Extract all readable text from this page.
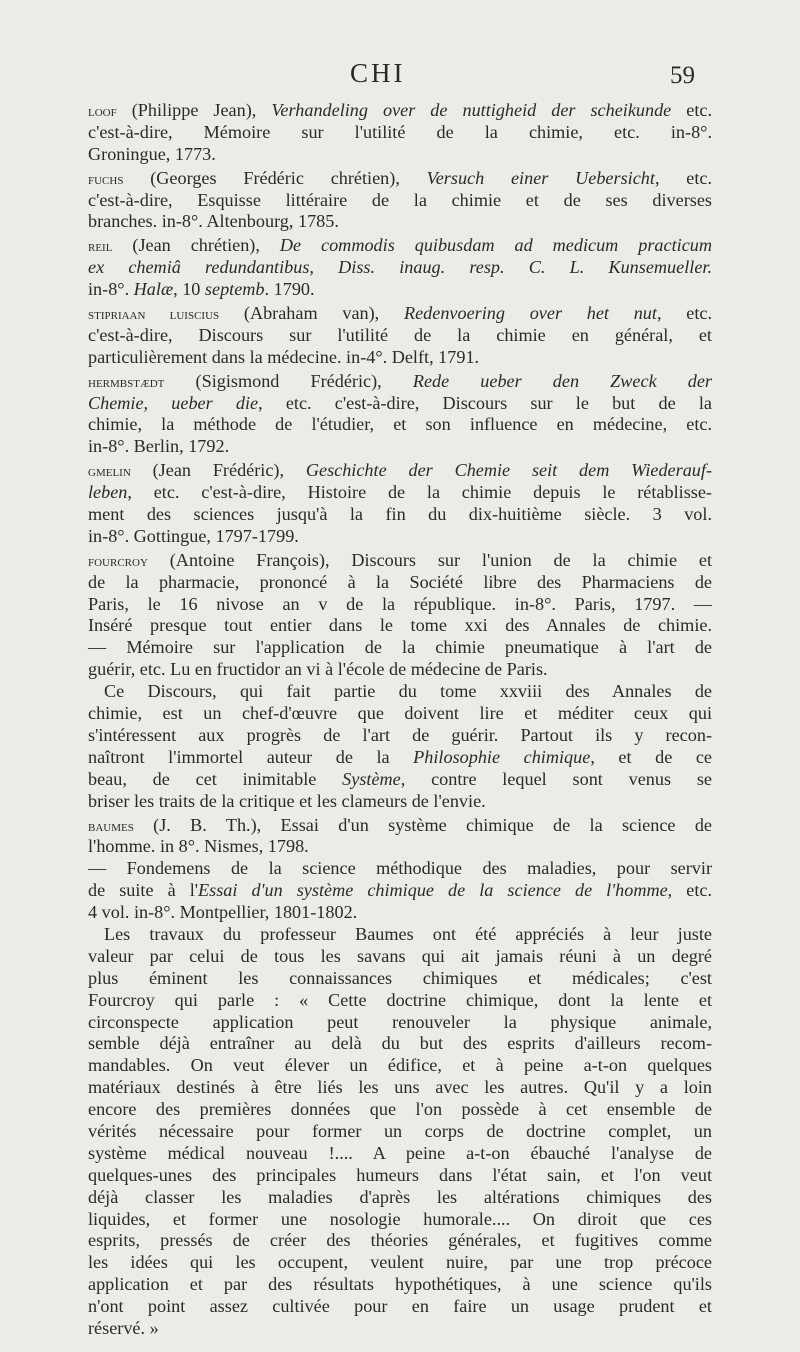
CHI	59
loof (Philippe Jean), Verhandeling over de nuttigheid der scheikunde etc.
c'est-à-dire, Mémoire sur l'utilité de la chimie, etc. in-8°.
Groningue, 1773.
fuchs (Georges Frédéric chrétien), Versuch einer Uebersicht, etc.
c'est-à-dire, Esquisse littéraire de la chimie et de ses diverses
branches. in-8°. Altenbourg, 1785.
reil (Jean chrétien), De commodis quibusdam ad medicum practicum
ex chemiâ redundantibus, Diss. inaug. resp. C. L. Kunsemueller.
in-8°. Halæ, 10 septemb. 1790.
stipriaan luiscius (Abraham van), Redenvoering over het nut, etc.
c'est-à-dire, Discours sur l'utilité de la chimie en général, et
particulièrement dans la médecine. in-4°. Delft, 1791.
hermbstædt (Sigismond Frédéric), Rede ueber den Zweck der
Chemie, ueber die, etc. c'est-à-dire, Discours sur le but de la
chimie, la méthode de l'étudier, et son influence en médecine, etc.
in-8°. Berlin, 1792.
gmelin (Jean Frédéric), Geschichte der Chemie seit dem Wiederauf-
leben, etc. c'est-à-dire, Histoire de la chimie depuis le rétablisse-
ment des sciences jusqu'à la fin du dix-huitième siècle. 3 vol.
in-8°. Gottingue, 1797-1799.
fourcroy (Antoine François), Discours sur l'union de la chimie et
de la pharmacie, prononcé à la Société libre des Pharmaciens de
Paris, le 16 nivose an v de la république. in-8°. Paris, 1797. —
Inséré presque tout entier dans le tome xxi des Annales de chimie.
— Mémoire sur l'application de la chimie pneumatique à l'art de
guérir, etc. Lu en fructidor an vi à l'école de médecine de Paris.
Ce Discours, qui fait partie du tome xxviii des Annales de
chimie, est un chef-d'œuvre que doivent lire et méditer ceux qui
s'intéressent aux progrès de l'art de guérir. Partout ils y recon-
naîtront l'immortel auteur de la Philosophie chimique, et de ce
beau, de cet inimitable Système, contre lequel sont venus se
briser les traits de la critique et les clameurs de l'envie.
baumes (J. B. Th.), Essai d'un système chimique de la science de
l'homme. in 8°. Nismes, 1798.
— Fondemens de la science méthodique des maladies, pour servir
de suite à l'Essai d'un système chimique de la science de l'homme, etc.
4 vol. in-8°. Montpellier, 1801-1802.
Les travaux du professeur Baumes ont été appréciés à leur juste
valeur par celui de tous les savans qui ait jamais réuni à un degré
plus éminent les connaissances chimiques et médicales; c'est
Fourcroy qui parle : « Cette doctrine chimique, dont la lente et
circonspecte application peut renouveler la physique animale,
semble déjà entraîner au delà du but des esprits d'ailleurs recom-
mandables. On veut élever un édifice, et à peine a-t-on quelques
matériaux destinés à être liés les uns avec les autres. Qu'il y a loin
encore des premières données que l'on possède à cet ensemble de
vérités nécessaire pour former un corps de doctrine complet, un
système médical nouveau !.... A peine a-t-on ébauché l'analyse de
quelques-unes des principales humeurs dans l'état sain, et l'on veut
déjà classer les maladies d'après les altérations chimiques des
liquides, et former une nosologie humorale.... On diroit que ces
esprits, pressés de créer des théories générales, et fugitives comme
les idées qui les occupent, veulent nuire, par une trop précoce
application et par des résultats hypothétiques, à une science qu'ils
n'ont point assez cultivée pour en faire un usage prudent et
réservé. »
